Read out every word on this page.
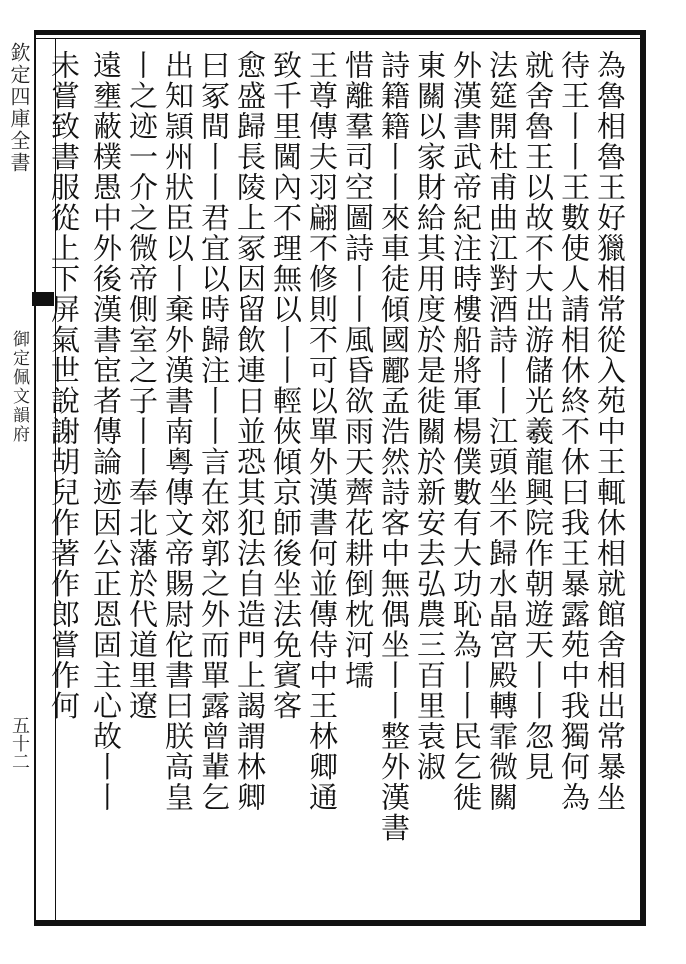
欽定四庫全書
御定佩文韻府
五十二	為魯相魯王好獵相常從入苑中王輒休相就館舍相出常暴坐
待王丨丨王數使人請相休終不休曰我王暴露苑中我獨何為
就舍魯王以故不大出游儲光羲龍興院作朝遊天丨丨忽見
法筵開杜甫曲江對酒詩丨丨江頭坐不歸水晶宮殿轉霏微關
外漢書武帝紀注時樓船將軍楊僕數有大功恥為丨丨民乞徙
東關以家財給其用度於是徙關於新安去弘農三百里袁淑
詩籍籍丨丨來車徒傾國酈孟浩然詩客中無偶坐丨丨整外漢書
惜離羣司空圖詩丨丨風昏欲雨天薺花耕倒枕河壖
王尊傳夫羽翩不修則不可以單外漢書何並傳侍中王林卿通
致千里閫內不理無以丨丨輕俠傾京師後坐法免賓客
愈盛歸長陵上冢因留飲連日並恐其犯法自造門上謁謂林卿
曰冢間丨丨君宜以時歸注丨丨言在郊郭之外而單露曾輩乞
出知頴州狀臣以丨棄外漢書南粵傳文帝賜尉佗書曰朕高皇
丨之迹一介之微帝側室之子丨丨奉北藩於代道里遼
遠壅蔽樸愚中外後漢書宦者傳論迹因公正恩固主心故丨丨
未嘗致書服從上下屏氣世說謝胡兒作著作郎嘗作何
